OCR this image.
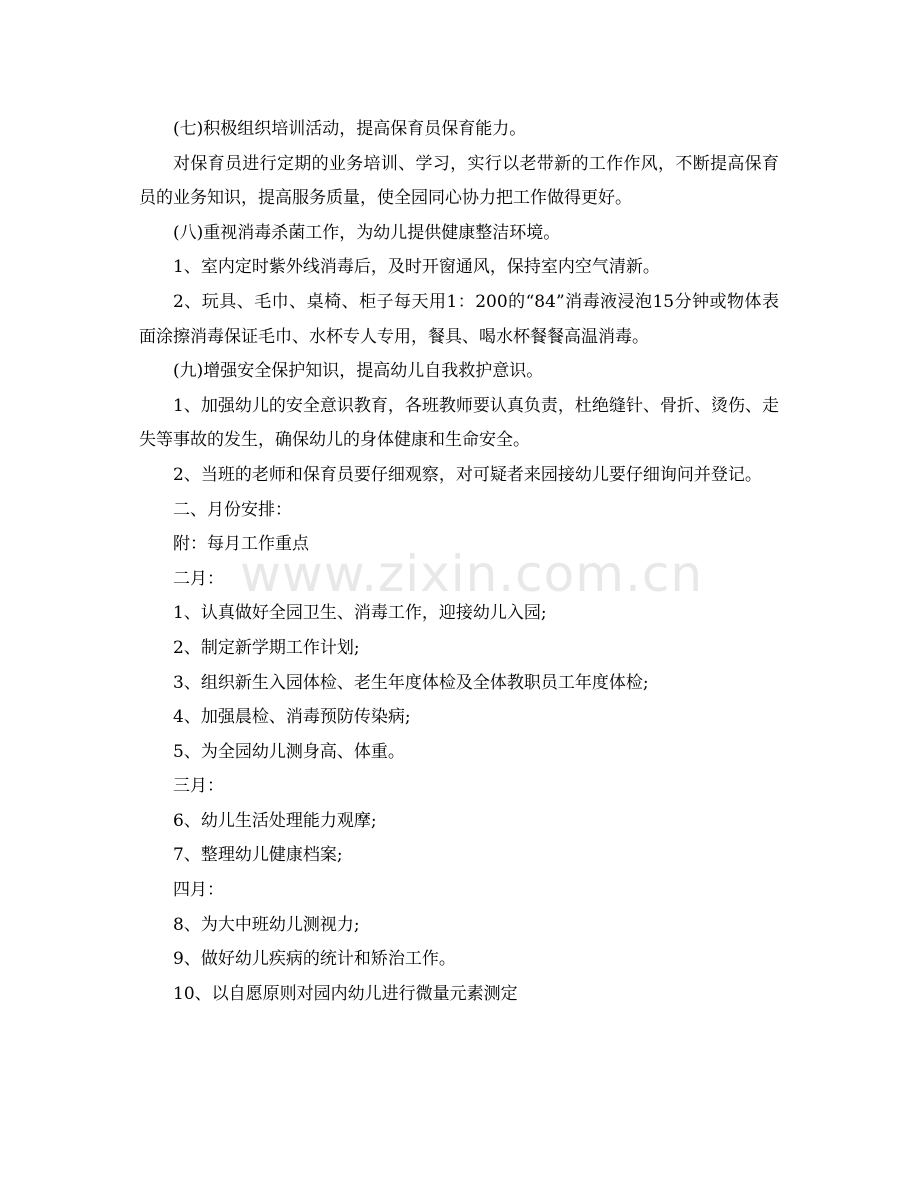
www.zixin.com.cn

(七)积极组织培训活动，提高保育员保育能力。

对保育员进行定期的业务培训、学习，实行以老带新的工作作风，不断提高保育员的业务知识，提高服务质量，使全园同心协力把工作做得更好。

(八)重视消毒杀菌工作，为幼儿提供健康整洁环境。

1、室内定时紫外线消毒后，及时开窗通风，保持室内空气清新。

2、玩具、毛巾、桌椅、柜子每天用1：200的“84”消毒液浸泡15分钟或物体表面涂擦消毒保证毛巾、水杯专人专用，餐具、喝水杯餐餐高温消毒。

(九)增强安全保护知识，提高幼儿自我救护意识。

1、加强幼儿的安全意识教育，各班教师要认真负责，杜绝缝针、骨折、烫伤、走失等事故的发生，确保幼儿的身体健康和生命安全。

2、当班的老师和保育员要仔细观察，对可疑者来园接幼儿要仔细询问并登记。

二、月份安排：

附：每月工作重点

二月：

1、认真做好全园卫生、消毒工作，迎接幼儿入园;

2、制定新学期工作计划;

3、组织新生入园体检、老生年度体检及全体教职员工年度体检;

4、加强晨检、消毒预防传染病;

5、为全园幼儿测身高、体重。

三月：

6、幼儿生活处理能力观摩;

7、整理幼儿健康档案;

四月：

8、为大中班幼儿测视力;

9、做好幼儿疾病的统计和矫治工作。

10、以自愿原则对园内幼儿进行微量元素测定
